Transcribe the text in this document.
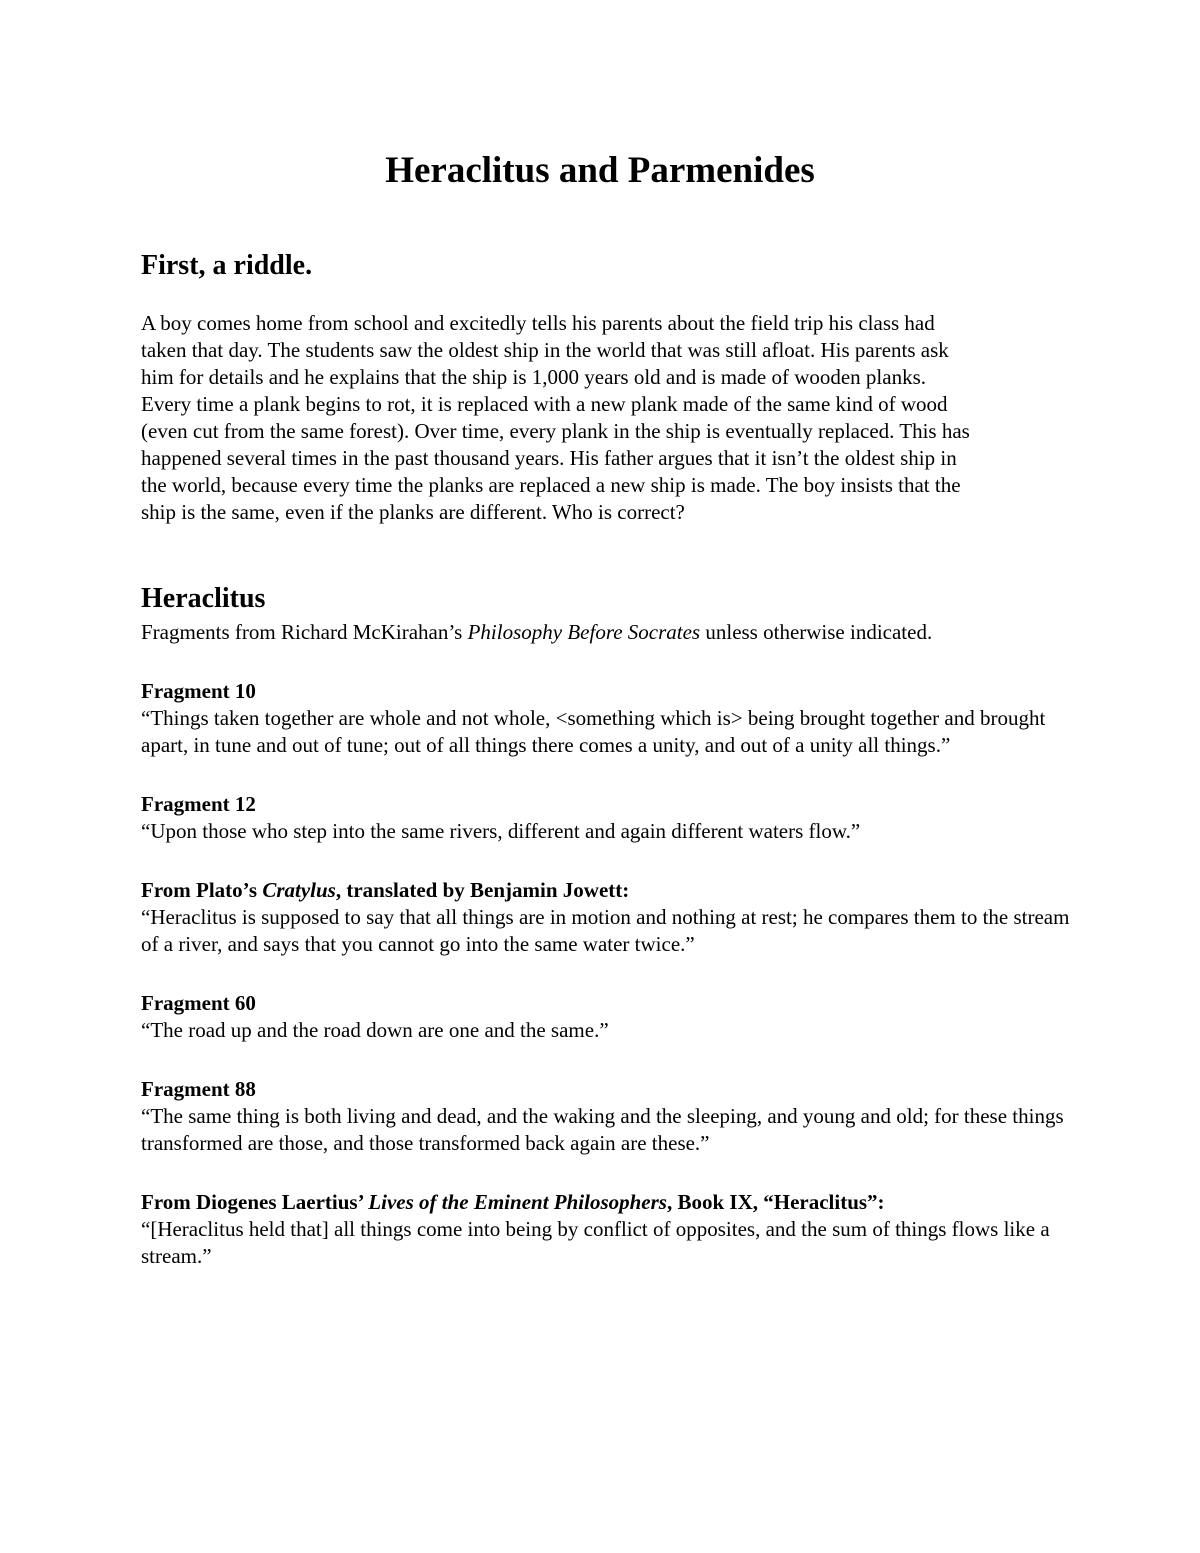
Heraclitus and Parmenides
First, a riddle.

A boy comes home from school and excitedly tells his parents about the field trip his class had taken that day. The students saw the oldest ship in the world that was still afloat. His parents ask him for details and he explains that the ship is 1,000 years old and is made of wooden planks. Every time a plank begins to rot, it is replaced with a new plank made of the same kind of wood (even cut from the same forest). Over time, every plank in the ship is eventually replaced. This has happened several times in the past thousand years. His father argues that it isn’t the oldest ship in the world, because every time the planks are replaced a new ship is made. The boy insists that the ship is the same, even if the planks are different. Who is correct?

Heraclitus

Fragments from Richard McKirahan’s Philosophy Before Socrates unless otherwise indicated.

Fragment 10

“Things taken together are whole and not whole, <something which is> being brought together and brought apart, in tune and out of tune; out of all things there comes a unity, and out of a unity all things.”

Fragment 12

“Upon those who step into the same rivers, different and again different waters flow.”

From Plato’s Cratylus, translated by Benjamin Jowett:

“Heraclitus is supposed to say that all things are in motion and nothing at rest; he compares them to the stream of a river, and says that you cannot go into the same water twice.”

Fragment 60

“The road up and the road down are one and the same.”

Fragment 88

“The same thing is both living and dead, and the waking and the sleeping, and young and old; for these things transformed are those, and those transformed back again are these.”

From Diogenes Laertius’ Lives of the Eminent Philosophers, Book IX, “Heraclitus”:

“[Heraclitus held that] all things come into being by conflict of opposites, and the sum of things flows like a stream.”
